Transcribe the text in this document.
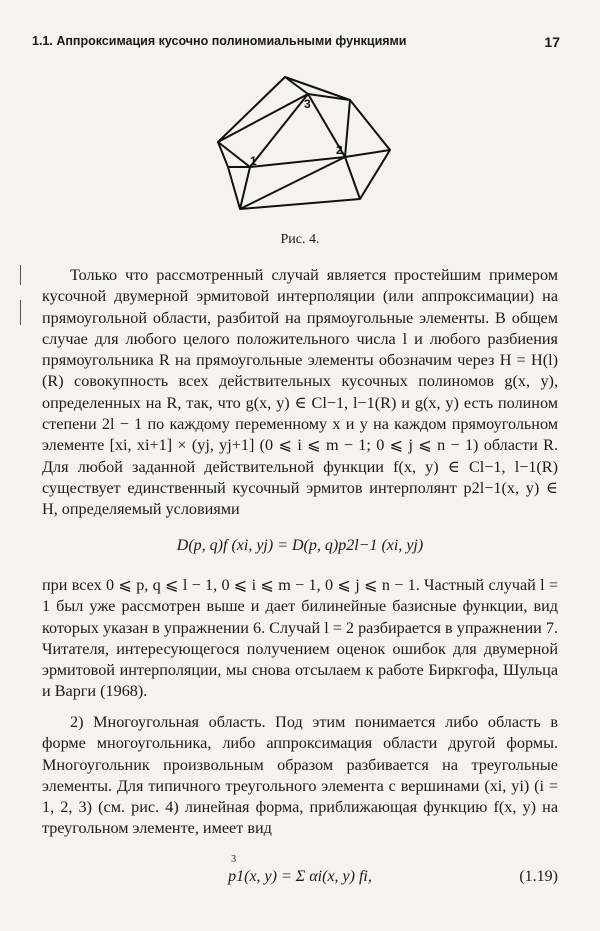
1.1. Аппроксимация кусочно полиномиальными функциями	17
1
2
3
Рис. 4.
Только что рассмотренный случай является простейшим примером кусочной двумерной эрмитовой интерполяции (или аппроксимации) на прямоугольной области, разбитой на прямоугольные элементы. В общем случае для любого целого положительного числа l и любого разбиения прямоугольника R на прямоугольные элементы обозначим через H = H(l)(R) совокупность всех действительных кусочных полиномов g(x, y), определенных на R, так, что g(x, y) ∈ Cl−1, l−1(R) и g(x, y) есть полином степени 2l − 1 по каждому переменному x и y на каждом прямоугольном элементе [xi, xi+1] × (yj, yj+1] (0 ⩽ i ⩽ m − 1; 0 ⩽ j ⩽ n − 1) области R. Для любой заданной действительной функции f(x, y) ∈ Cl−1, l−1(R) существует единственный кусочный эрмитов интерполянт p2l−1(x, y) ∈ H, определяемый условиями
D(p, q)f (xi, yj) = D(p, q)p2l−1 (xi, yj)
при всех 0 ⩽ p, q ⩽ l − 1, 0 ⩽ i ⩽ m − 1, 0 ⩽ j ⩽ n − 1. Частный случай l = 1 был уже рассмотрен выше и дает билинейные базисные функции, вид которых указан в упражнении 6. Случай l = 2 разбирается в упражнении 7. Читателя, интересующегося получением оценок ошибок для двумерной эрмитовой интерполяции, мы снова отсылаем к работе Биркгофа, Шульца и Варги (1968).
2) Многоугольная область. Под этим понимается либо область в форме многоугольника, либо аппроксимация области другой формы. Многоугольник произвольным образом разбивается на треугольные элементы. Для типичного треугольного элемента с вершинами (xi, yi) (i = 1, 2, 3) (см. рис. 4) линейная форма, приближающая функцию f(x, y) на треугольном элементе, имеет вид
3
p1(x, y) = Σ αi(x, y) fi,	(1.19)
